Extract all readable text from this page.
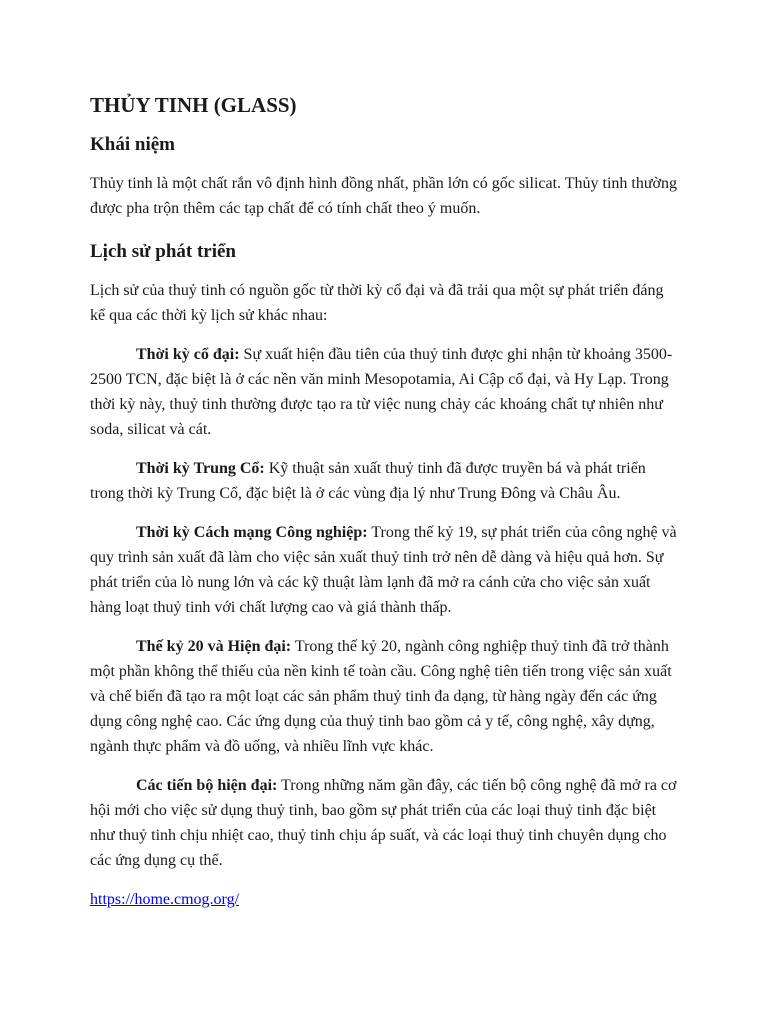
THỦY TINH (GLASS)
Khái niệm

Thủy tinh là một chất rắn vô định hình đồng nhất, phần lớn có gốc silicat. Thủy tinh thường được pha trộn thêm các tạp chất để có tính chất theo ý muốn.

Lịch sử phát triển

Lịch sử của thuỷ tinh có nguồn gốc từ thời kỳ cổ đại và đã trải qua một sự phát triển đáng kể qua các thời kỳ lịch sử khác nhau:

Thời kỳ cổ đại: Sự xuất hiện đầu tiên của thuỷ tinh được ghi nhận từ khoảng 3500-2500 TCN, đặc biệt là ở các nền văn minh Mesopotamia, Ai Cập cổ đại, và Hy Lạp. Trong thời kỳ này, thuỷ tinh thường được tạo ra từ việc nung chảy các khoáng chất tự nhiên như soda, silicat và cát.

Thời kỳ Trung Cổ: Kỹ thuật sản xuất thuỷ tinh đã được truyền bá và phát triển trong thời kỳ Trung Cổ, đặc biệt là ở các vùng địa lý như Trung Đông và Châu Âu.

Thời kỳ Cách mạng Công nghiệp: Trong thế kỷ 19, sự phát triển của công nghệ và quy trình sản xuất đã làm cho việc sản xuất thuỷ tinh trở nên dễ dàng và hiệu quả hơn. Sự phát triển của lò nung lớn và các kỹ thuật làm lạnh đã mở ra cánh cửa cho việc sản xuất hàng loạt thuỷ tinh với chất lượng cao và giá thành thấp.

Thế kỷ 20 và Hiện đại: Trong thế kỷ 20, ngành công nghiệp thuỷ tinh đã trở thành một phần không thể thiếu của nền kinh tế toàn cầu. Công nghệ tiên tiến trong việc sản xuất và chế biến đã tạo ra một loạt các sản phẩm thuỷ tinh đa dạng, từ hàng ngày đến các ứng dụng công nghệ cao. Các ứng dụng của thuỷ tinh bao gồm cả y tế, công nghệ, xây dựng, ngành thực phẩm và đồ uống, và nhiều lĩnh vực khác.

Các tiến bộ hiện đại: Trong những năm gần đây, các tiến bộ công nghệ đã mở ra cơ hội mới cho việc sử dụng thuỷ tinh, bao gồm sự phát triển của các loại thuỷ tinh đặc biệt như thuỷ tinh chịu nhiệt cao, thuỷ tinh chịu áp suất, và các loại thuỷ tinh chuyên dụng cho các ứng dụng cụ thể.

https://home.cmog.org/
